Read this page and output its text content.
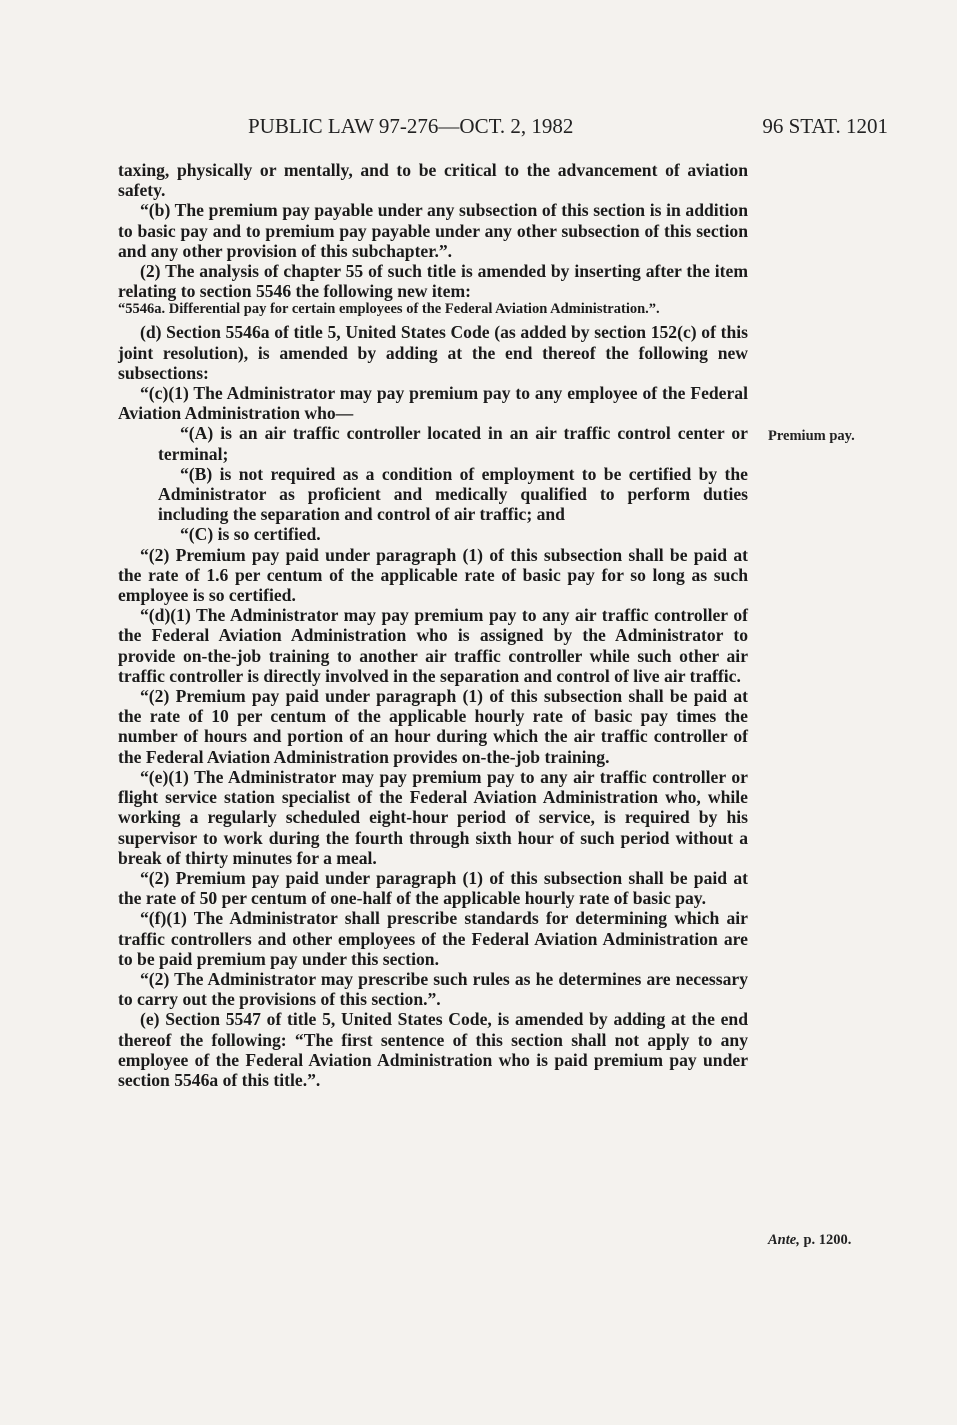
PUBLIC LAW 97-276—OCT. 2, 1982	96 STAT. 1201

taxing, physically or mentally, and to be critical to the advancement of aviation safety.

“(b) The premium pay payable under any subsection of this section is in addition to basic pay and to premium pay payable under any other subsection of this section and any other provision of this subchapter.”.

(2) The analysis of chapter 55 of such title is amended by inserting after the item relating to section 5546 the following new item:

“5546a. Differential pay for certain employees of the Federal Aviation Administration.”.

(d) Section 5546a of title 5, United States Code (as added by section 152(c) of this joint resolution), is amended by adding at the end thereof the following new subsections:

“(c)(1) The Administrator may pay premium pay to any employee of the Federal Aviation Administration who—

“(A) is an air traffic controller located in an air traffic control center or terminal;

“(B) is not required as a condition of employment to be certified by the Administrator as proficient and medically qualified to perform duties including the separation and control of air traffic; and

“(C) is so certified.

“(2) Premium pay paid under paragraph (1) of this subsection shall be paid at the rate of 1.6 per centum of the applicable rate of basic pay for so long as such employee is so certified.

“(d)(1) The Administrator may pay premium pay to any air traffic controller of the Federal Aviation Administration who is assigned by the Administrator to provide on-the-job training to another air traffic controller while such other air traffic controller is directly involved in the separation and control of live air traffic.

“(2) Premium pay paid under paragraph (1) of this subsection shall be paid at the rate of 10 per centum of the applicable hourly rate of basic pay times the number of hours and portion of an hour during which the air traffic controller of the Federal Aviation Administration provides on-the-job training.

“(e)(1) The Administrator may pay premium pay to any air traffic controller or flight service station specialist of the Federal Aviation Administration who, while working a regularly scheduled eight-hour period of service, is required by his supervisor to work during the fourth through sixth hour of such period without a break of thirty minutes for a meal.

“(2) Premium pay paid under paragraph (1) of this subsection shall be paid at the rate of 50 per centum of one-half of the applicable hourly rate of basic pay.

“(f)(1) The Administrator shall prescribe standards for determining which air traffic controllers and other employees of the Federal Aviation Administration are to be paid premium pay under this section.

“(2) The Administrator may prescribe such rules as he determines are necessary to carry out the provisions of this section.”.

(e) Section 5547 of title 5, United States Code, is amended by adding at the end thereof the following: “The first sentence of this section shall not apply to any employee of the Federal Aviation Administration who is paid premium pay under section 5546a of this title.”.

Premium pay.
Ante, p. 1200.
